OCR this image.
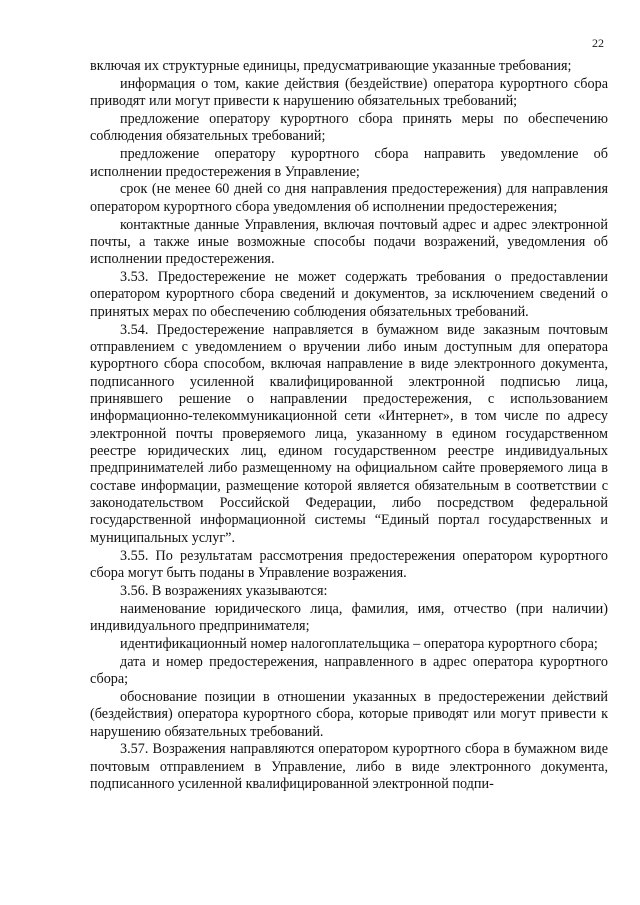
22

включая их структурные единицы, предусматривающие указанные требования;

информация о том, какие действия (бездействие) оператора курортного сбора приводят или могут привести к нарушению обязательных требований;

предложение оператору курортного сбора принять меры по обеспечению соблюдения обязательных требований;

предложение оператору курортного сбора направить уведомление об исполнении предостережения в Управление;

срок (не менее 60 дней со дня направления предостережения) для направления оператором курортного сбора уведомления об исполнении предостережения;

контактные данные Управления, включая почтовый адрес и адрес электронной почты, а также иные возможные способы подачи возражений, уведомления об исполнении предостережения.

3.53. Предостережение не может содержать требования о предоставлении оператором курортного сбора сведений и документов, за исключением сведений о принятых мерах по обеспечению соблюдения обязательных требований.

3.54. Предостережение направляется в бумажном виде заказным почтовым отправлением с уведомлением о вручении либо иным доступным для оператора курортного сбора способом, включая направление в виде электронного документа, подписанного усиленной квалифицированной электронной подписью лица, принявшего решение о направлении предостережения, с использованием информационно-телекоммуникационной сети «Интернет», в том числе по адресу электронной почты проверяемого лица, указанному в едином государственном реестре юридических лиц, едином государственном реестре индивидуальных предпринимателей либо размещенному на официальном сайте проверяемого лица в составе информации, размещение которой является обязательным в соответствии с законодательством Российской Федерации, либо посредством федеральной государственной информационной системы “Единый портал государственных и муниципальных услуг”.

3.55. По результатам рассмотрения предостережения оператором курортного сбора могут быть поданы в Управление возражения.

3.56. В возражениях указываются:

наименование юридического лица, фамилия, имя, отчество (при наличии) индивидуального предпринимателя;

идентификационный номер налогоплательщика – оператора курортного сбора;

дата и номер предостережения, направленного в адрес оператора курортного сбора;

обоснование позиции в отношении указанных в предостережении действий (бездействия) оператора курортного сбора, которые приводят или могут привести к нарушению обязательных требований.

3.57. Возражения направляются оператором курортного сбора в бумажном виде почтовым отправлением в Управление, либо в виде электронного документа, подписанного усиленной квалифицированной электронной подпи-
